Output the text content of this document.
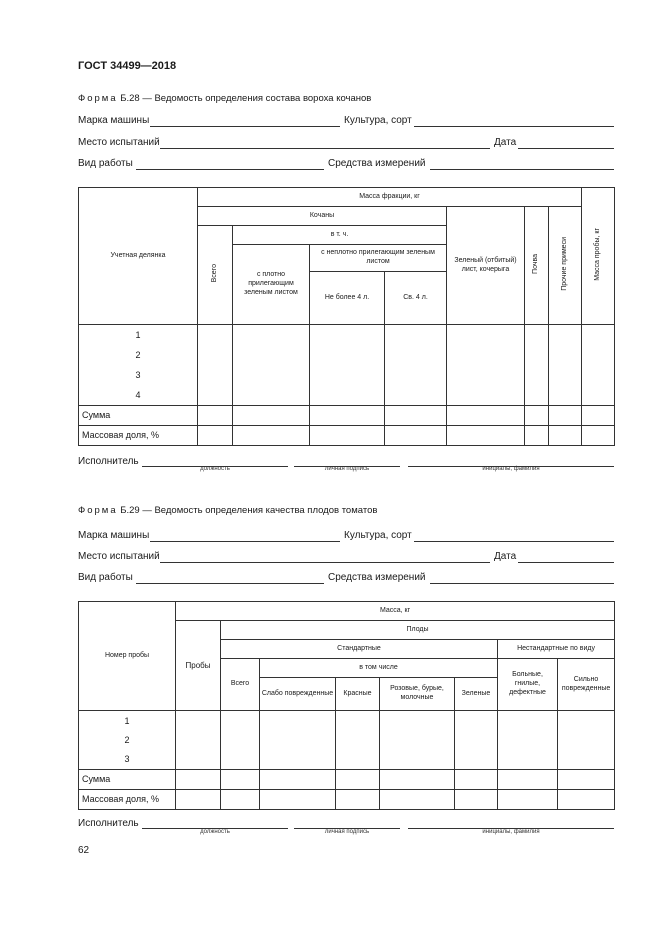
ГОСТ 34499—2018
Форма Б.28 — Ведомость определения состава вороха кочанов
Марка машины	Культура, сорт
Место испытаний	Дата
Вид работы	Средства измерений
Учетная делянка	Масса фракции, кг							Масса пробы, кг
	Кочаны				Зеленый (отбитый) лист, кочерыга	Почва	Прочие примеси	
	Всего	в т. ч.						
		с плотно прилегающим зеленым листом	с неплотно прилегающим зеленым листом					
			Не более 4 л.	Св. 4 л.				

1
2
3
4								

Сумма								
Массовая доля, %								
Исполнитель
должность	личная подпись	инициалы, фамилия
Форма Б.29 — Ведомость определения качества плодов томатов
Марка машины	Культура, сорт
Место испытаний	Дата
Вид работы	Средства измерений
Номер пробы	Масса, кг							
	Пробы	Плоды						
		Стандартные					Нестандартные по виду	
		Всего	в том числе				Больные, гнилые, дефектные	Сильно поврежденные
			Слабо поврежденные	Красные	Розовые, бурые, молочные	Зеленые		

1
2
3								

Сумма								
Массовая доля, %								
Исполнитель
должность	личная подпись	инициалы, фамилия
62
